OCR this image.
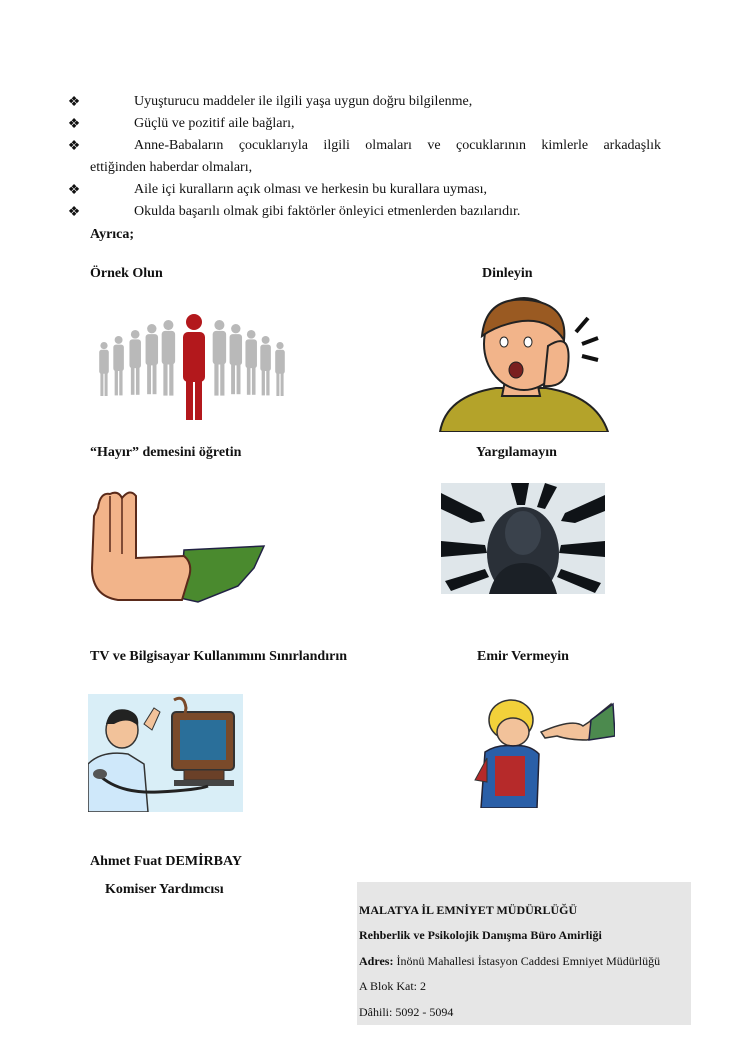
❖	Uyuşturucu maddeler ile ilgili yaşa uygun doğru bilgilenme,
❖	Güçlü ve pozitif aile bağları,
❖	Anne-Babaların çocuklarıyla ilgili olmaları ve çocuklarının kimlerle arkadaşlık
ettiğinden haberdar olmaları,
❖	Aile içi kuralların açık olması ve herkesin bu kurallara uyması,
❖	Okulda başarılı olmak gibi faktörler önleyici etmenlerden bazılarıdır.
Ayrıca;
Örnek Olun	Dinleyin
“Hayır” demesini öğretin	Yargılamayın
TV ve Bilgisayar Kullanımını Sınırlandırın	Emir Vermeyin
Ahmet Fuat DEMİRBAY
Komiser Yardımcısı
MALATYA İL EMNİYET MÜDÜRLÜĞÜ
Rehberlik ve Psikolojik Danışma Büro Amirliği
Adres: İnönü Mahallesi İstasyon Caddesi Emniyet Müdürlüğü
A Blok Kat: 2
Dâhili: 5092 - 5094
